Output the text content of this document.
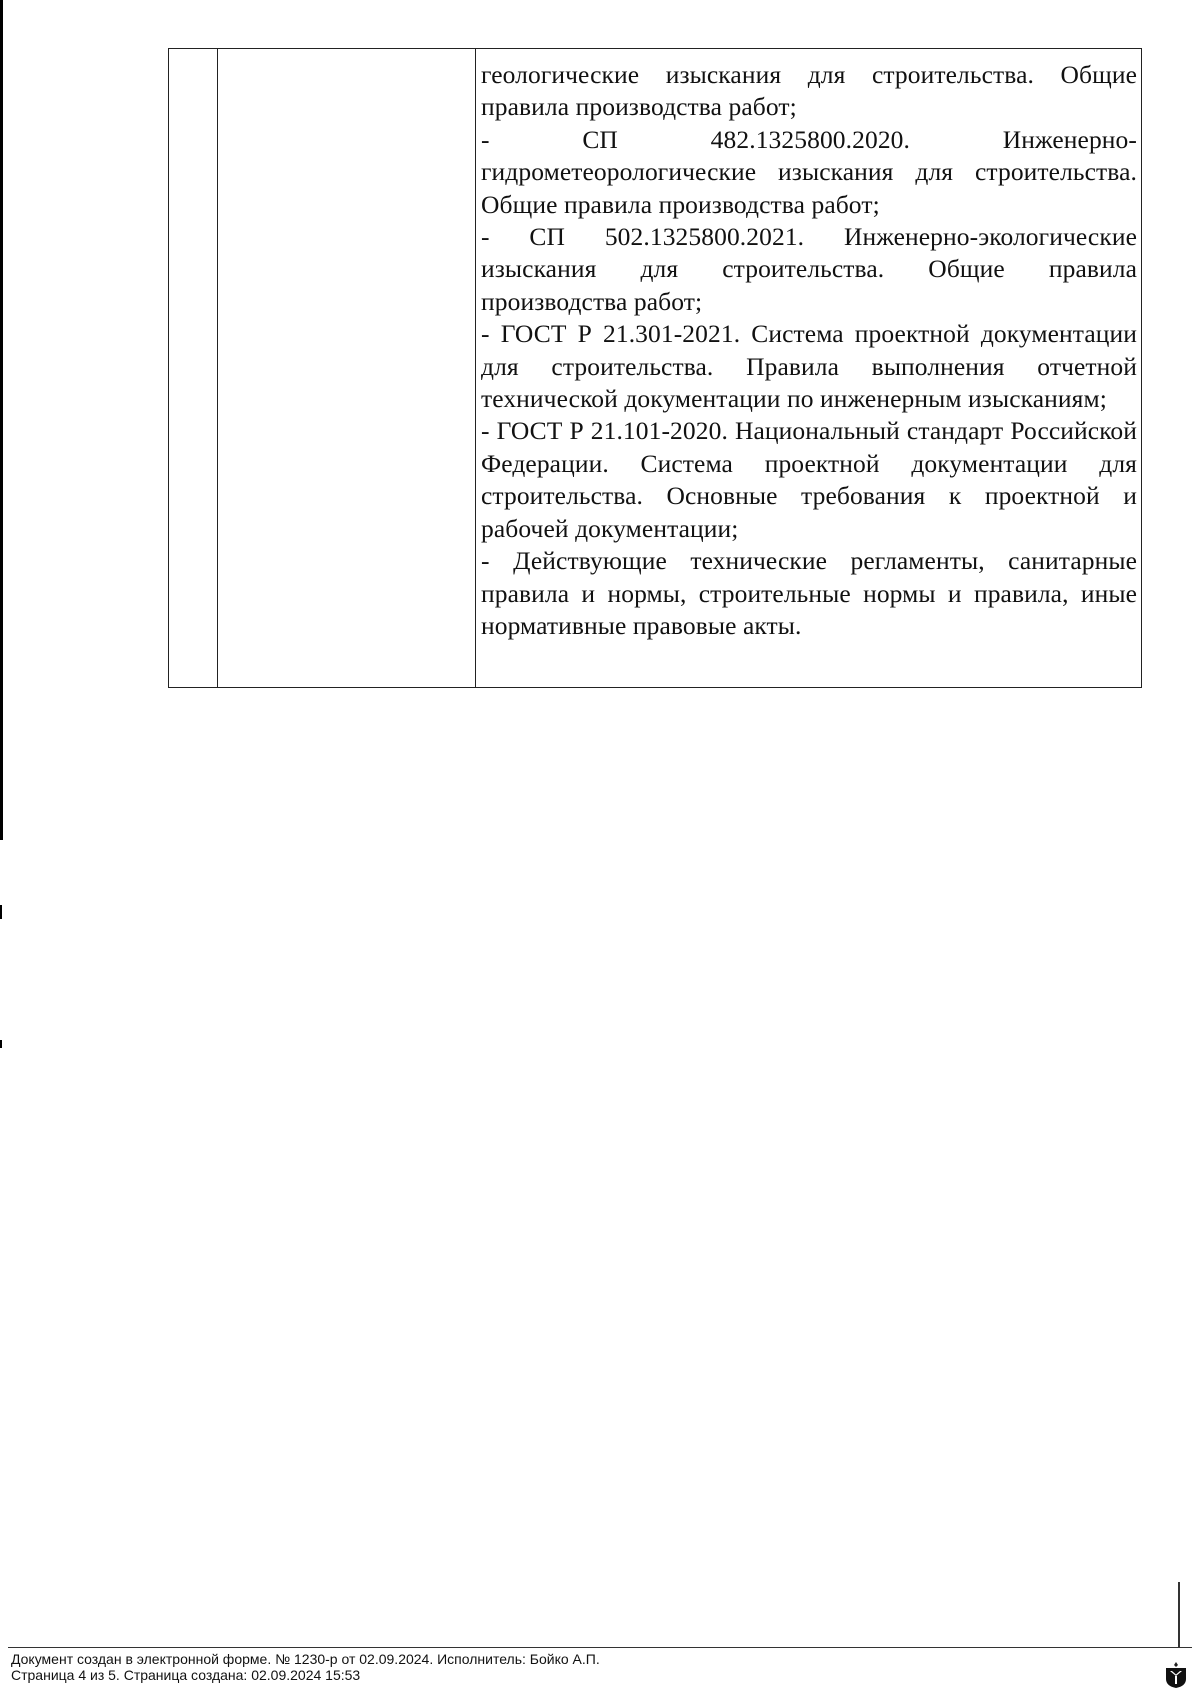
геологические изыскания для строительства. Общие правила производства работ;

- СП 482.1325800.2020. Инженерно-гидрометеорологические изыскания для строительства. Общие правила производства работ;

- СП 502.1325800.2021. Инженерно-экологические изыскания для строительства. Общие правила производства работ;

- ГОСТ Р 21.301-2021. Система проектной документации для строительства. Правила выполнения отчетной технической документации по инженерным изысканиям;

- ГОСТ Р 21.101-2020. Национальный стандарт Российской Федерации. Система проектной документации для строительства. Основные требования к проектной и рабочей документации;

- Действующие технические регламенты, санитарные правила и нормы, строительные нормы и правила, иные нормативные правовые акты.

Документ создан в электронной форме. № 1230-р от 02.09.2024. Исполнитель: Бойко А.П.
Страница 4 из 5. Страница создана: 02.09.2024 15:53
